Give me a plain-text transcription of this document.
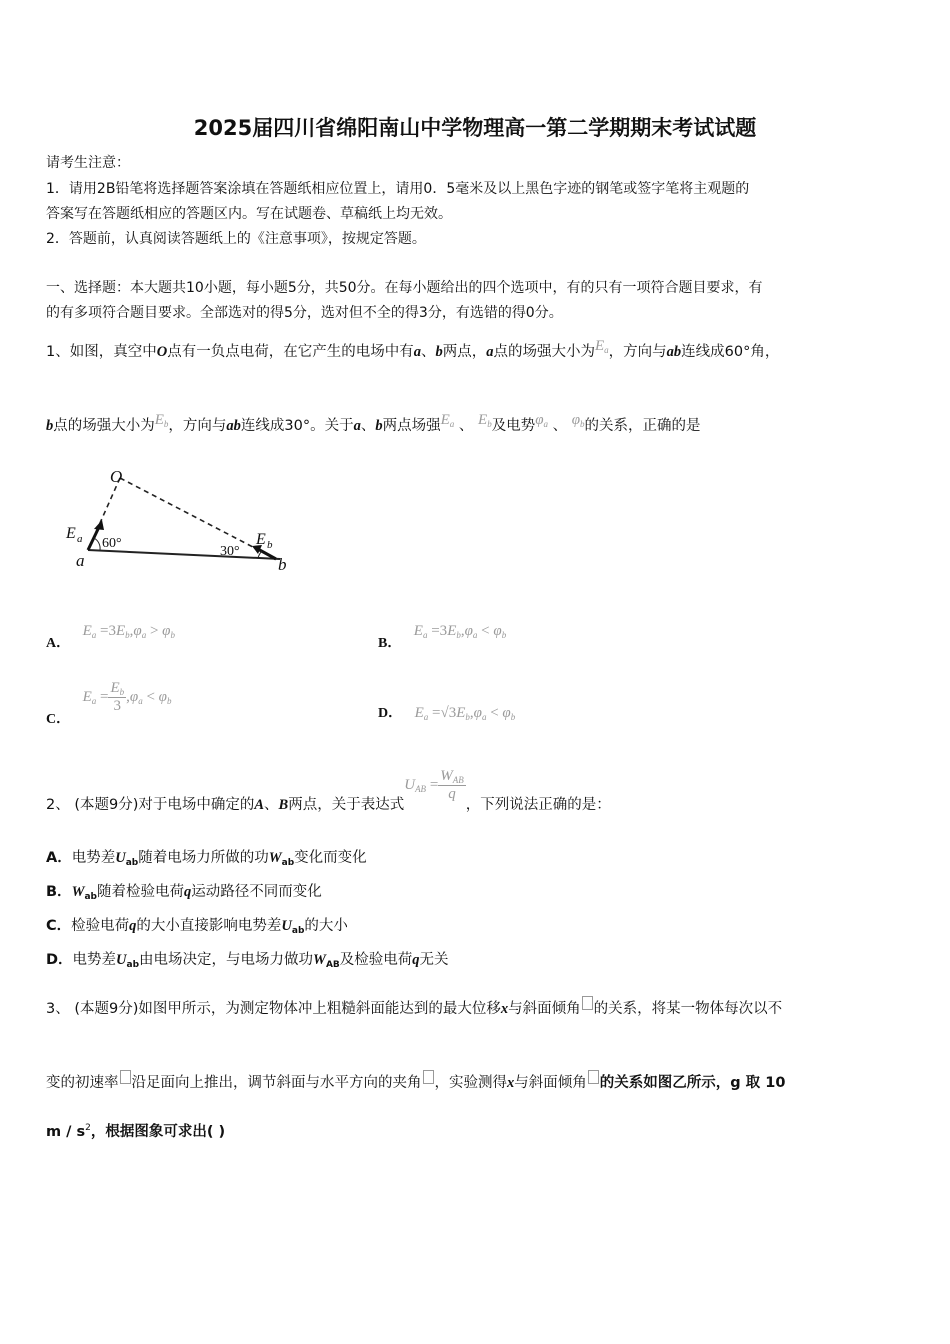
2025届四川省绵阳南山中学物理高一第二学期期末考试试题
请考生注意：
1．请用2B铅笔将选择题答案涂填在答题纸相应位置上，请用0．5毫米及以上黑色字迹的钢笔或签字笔将主观题的
答案写在答题纸相应的答题区内。写在试题卷、草稿纸上均无效。
2．答题前，认真阅读答题纸上的《注意事项》，按规定答题。
一、选择题：本大题共10小题，每小题5分，共50分。在每小题给出的四个选项中，有的只有一项符合题目要求，有
的有多项符合题目要求。全部选对的得5分，选对但不全的得3分，有选错的得0分。
1、如图，真空中O点有一负点电荷，在它产生的电场中有a、b两点，a点的场强大小为$E_a$，方向与ab连线成60°角，
b点的场强大小为$E_b$，方向与ab连线成30°。关于a、b两点场强$E_a$ 、 $E_b$及电势$\varphi_a$ 、 $\varphi_b$的关系，正确的是
O
E a 60°
30°
E b
a	b
A． $E_a =3E_b,\varphi_a > \varphi_b$
B． $E_a =3E_b,\varphi_a < \varphi_b$
C． $E_a = \frac{E_b}{3} ,\varphi_a < \varphi_b$
D． $E_a =√3E_b,\varphi_a < \varphi_b$
2、 (本题9分)对于电场中确定的A、B两点，关于表达式$U_{AB} = \frac{W_{AB}}{q}$
，下列说法正确的是：
A．电势差$U_{ab}$随着电场力所做的功$W_{ab}$变化而变化
B．$W_{ab}$随着检验电荷q运动路径不同而变化
C．检验电荷q的大小直接影响电势差$U_{ab}$的大小
D．电势差$U_{ab}$由电场决定，与电场力做功$W_{AB}$及检验电荷q无关
3、 (本题9分)如图甲所示，为测定物体冲上粗糙斜面能达到的最大位移x与斜面倾角 的关系，将某一物体每次以不
变的初速率 沿足面向上推出，调节斜面与水平方向的夹角 ，实验测得x与斜面倾角 的关系如图乙所示，g 取 10
m / $s^2$，根据图象可求出( )
